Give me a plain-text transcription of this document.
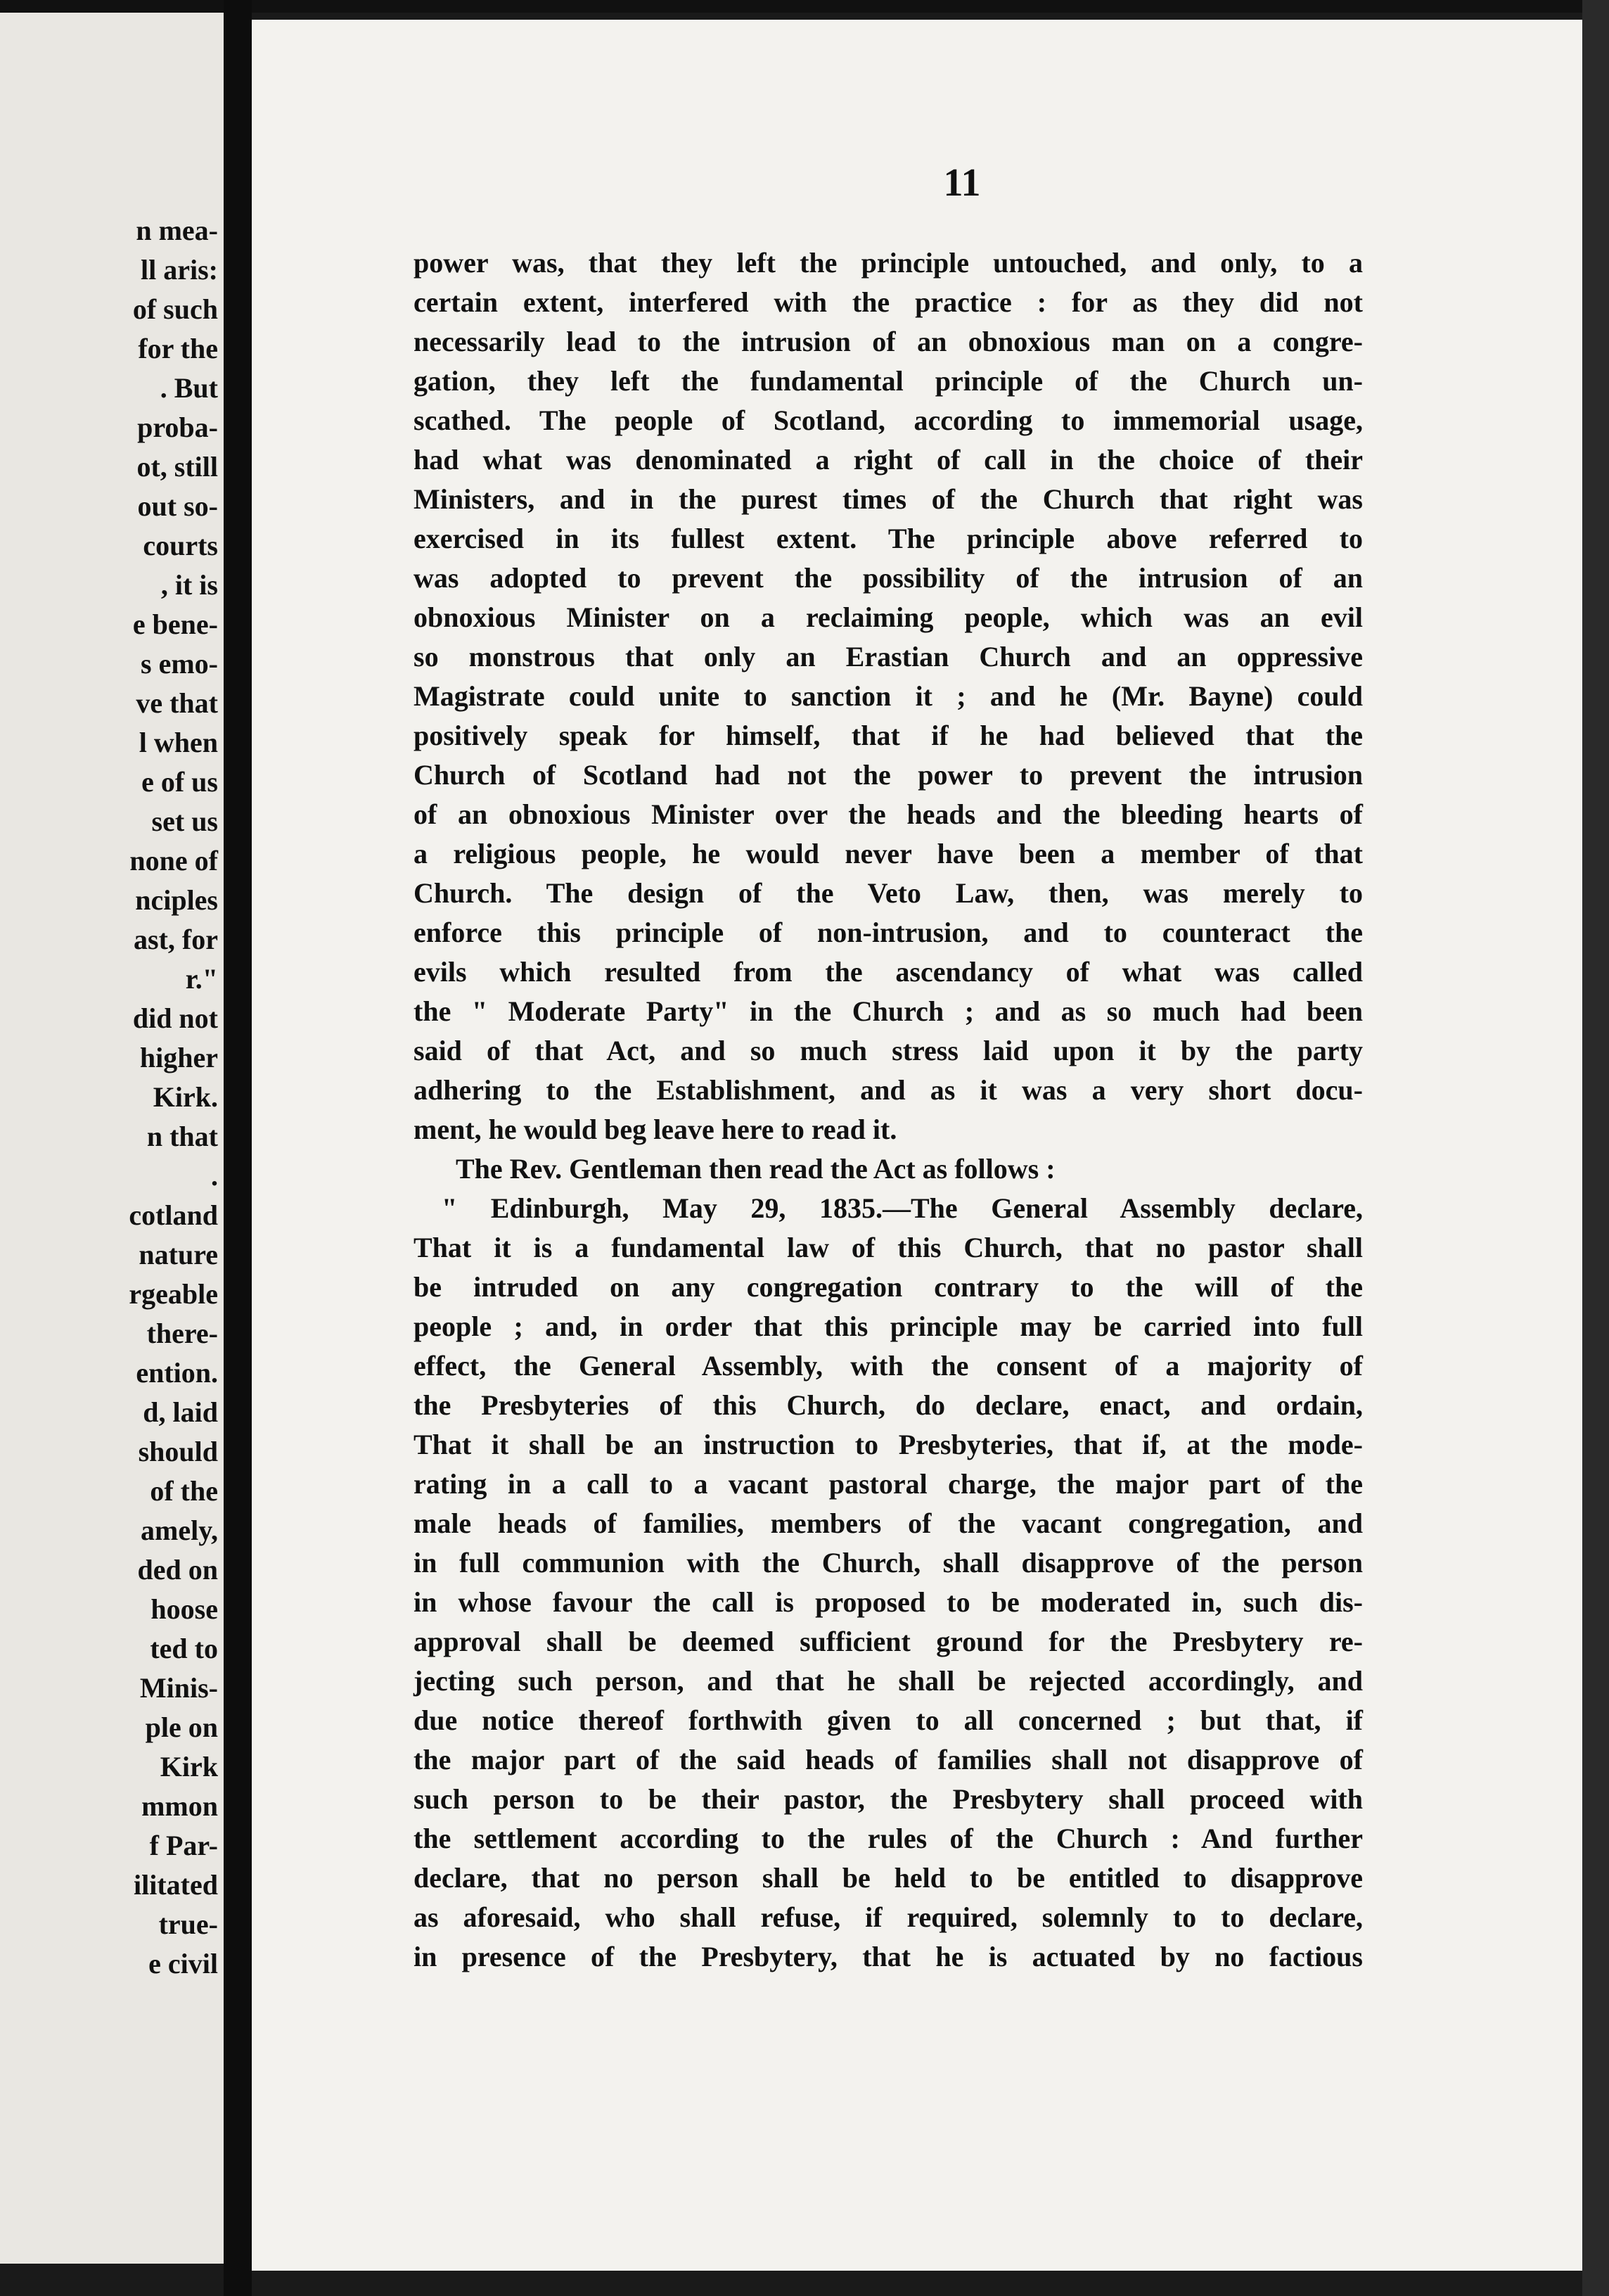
n mea-
ll aris:
of such
for the
. But
proba-
ot, still
out so-
courts
, it is
e bene-
s emo-
ve that
l when
e of us
set us
none of
nciples
ast, for
r."
did not
higher
Kirk.
n that
.
cotland
nature
rgeable
there-
ention.
d, laid
should
of the
amely,
ded on
hoose
ted to
Minis-
ple on
Kirk
mmon
f Par-
ilitated
true-
e civil
11
power was, that they left the principle untouched, and only, to a
certain extent, interfered with the practice : for as they did not
necessarily lead to the intrusion of an obnoxious man on a congre-
gation, they left the fundamental principle of the Church un-
scathed. The people of Scotland, according to immemorial usage,
had what was denominated a right of call in the choice of their
Ministers, and in the purest times of the Church that right was
exercised in its fullest extent. The principle above referred to
was adopted to prevent the possibility of the intrusion of an
obnoxious Minister on a reclaiming people, which was an evil
so monstrous that only an Erastian Church and an oppressive
Magistrate could unite to sanction it ; and he (Mr. Bayne) could
positively speak for himself, that if he had believed that the
Church of Scotland had not the power to prevent the intrusion
of an obnoxious Minister over the heads and the bleeding hearts of
a religious people, he would never have been a member of that
Church. The design of the Veto Law, then, was merely to
enforce this principle of non-intrusion, and to counteract the
evils which resulted from the ascendancy of what was called
the " Moderate Party" in the Church ; and as so much had been
said of that Act, and so much stress laid upon it by the party
adhering to the Establishment, and as it was a very short docu-
ment, he would beg leave here to read it.
The Rev. Gentleman then read the Act as follows :
" Edinburgh, May 29, 1835.—The General Assembly declare,
That it is a fundamental law of this Church, that no pastor shall
be intruded on any congregation contrary to the will of the
people ; and, in order that this principle may be carried into full
effect, the General Assembly, with the consent of a majority of
the Presbyteries of this Church, do declare, enact, and ordain,
That it shall be an instruction to Presbyteries, that if, at the mode-
rating in a call to a vacant pastoral charge, the major part of the
male heads of families, members of the vacant congregation, and
in full communion with the Church, shall disapprove of the person
in whose favour the call is proposed to be moderated in, such dis-
approval shall be deemed sufficient ground for the Presbytery re-
jecting such person, and that he shall be rejected accordingly, and
due notice thereof forthwith given to all concerned ; but that, if
the major part of the said heads of families shall not disapprove of
such person to be their pastor, the Presbytery shall proceed with
the settlement according to the rules of the Church : And further
declare, that no person shall be held to be entitled to disapprove
as aforesaid, who shall refuse, if required, solemnly to to declare,
in presence of the Presbytery, that he is actuated by no factious
